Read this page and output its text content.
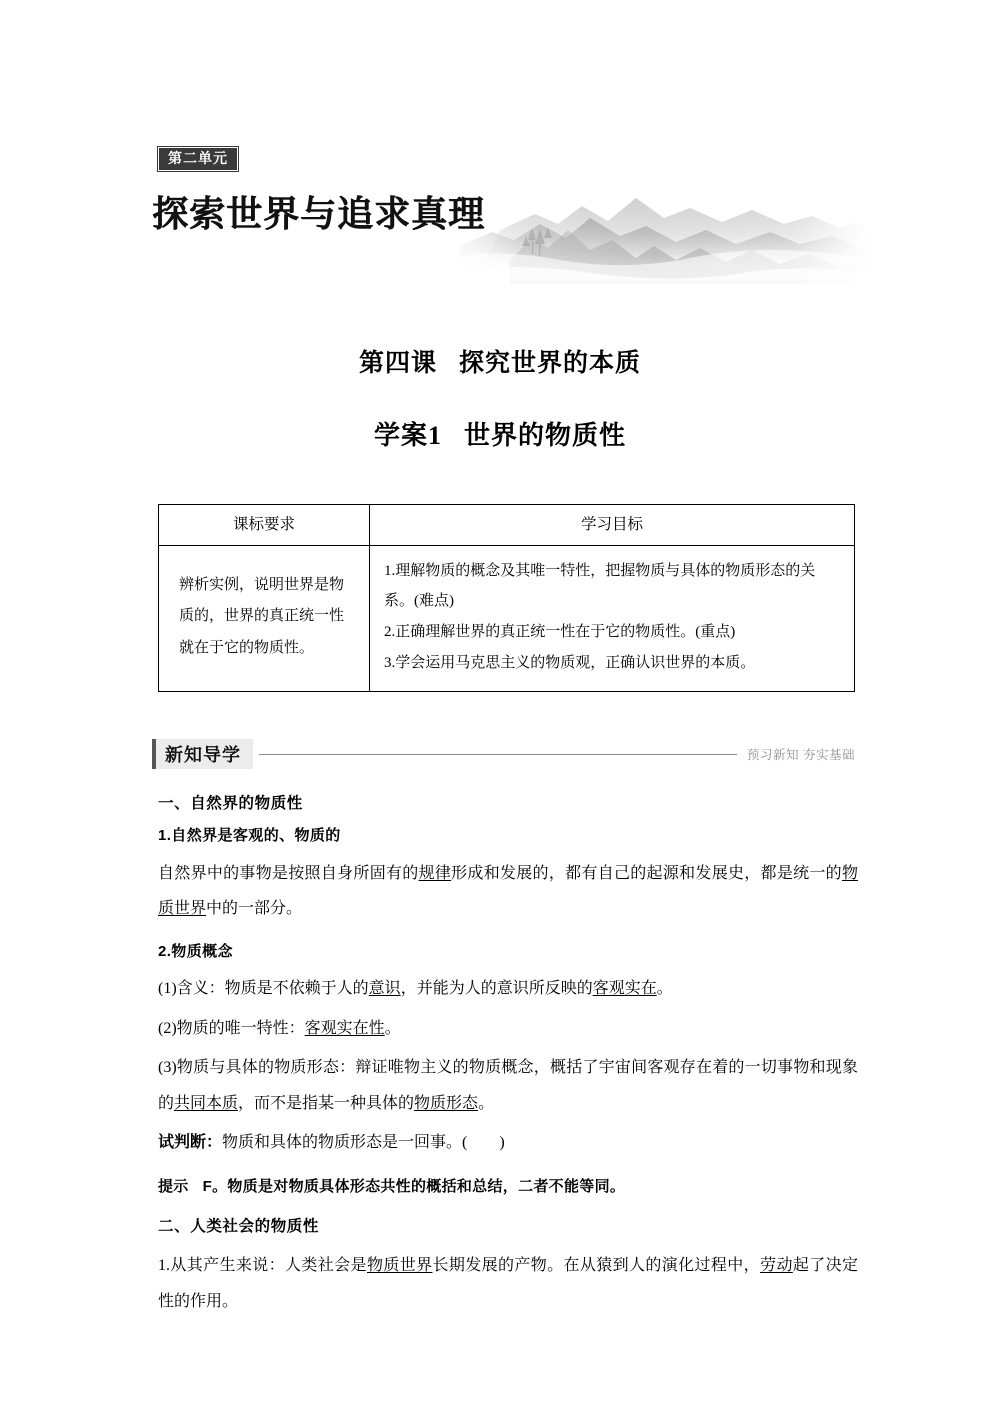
第二单元
探索世界与追求真理
第四课 探究世界的本质
学案1 世界的物质性
课标要求	学习目标
辨析实例，说明世界是物质的，世界的真正统一性就在于它的物质性。	1.理解物质的概念及其唯一特性，把握物质与具体的物质形态的关系。(难点)
2.正确理解世界的真正统一性在于它的物质性。(重点)
3.学会运用马克思主义的物质观，正确认识世界的本质。
新知导学	预习新知 夯实基础
一、自然界的物质性
1.自然界是客观的、物质的

自然界中的事物是按照自身所固有的规律形成和发展的，都有自己的起源和发展史，都是统一的物质世界中的一部分。

2.物质概念

(1)含义：物质是不依赖于人的意识，并能为人的意识所反映的客观实在。

(2)物质的唯一特性：客观实在性。

(3)物质与具体的物质形态：辩证唯物主义的物质概念，概括了宇宙间客观存在着的一切事物和现象的共同本质，而不是指某一种具体的物质形态。

试判断：物质和具体的物质形态是一回事。(　　)

提示 F。物质是对物质具体形态共性的概括和总结，二者不能等同。
二、人类社会的物质性

1.从其产生来说：人类社会是物质世界长期发展的产物。在从猿到人的演化过程中，劳动起了决定性的作用。
